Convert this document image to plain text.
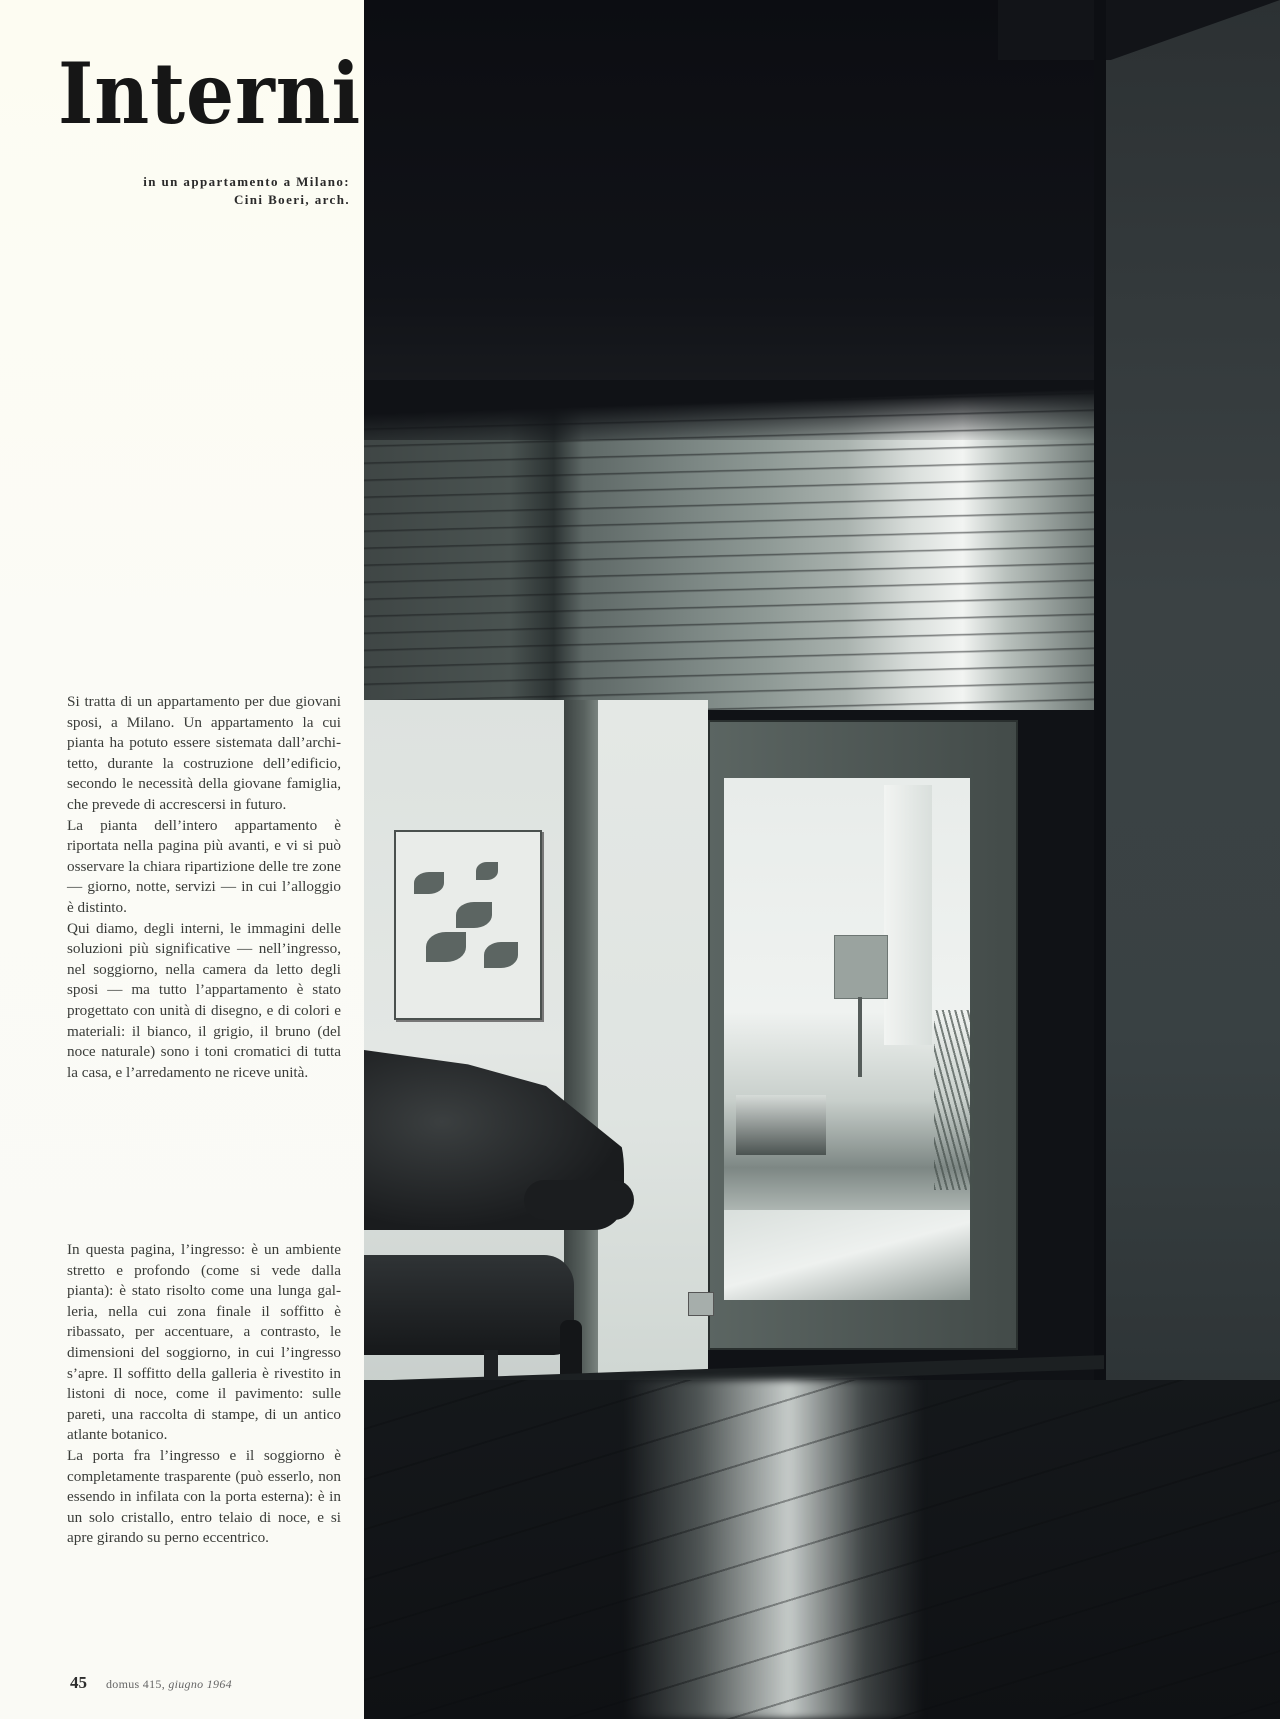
Interni
in un appartamento a Milano:
Cini Boeri, arch.

Si tratta di un appartamento per due giovani sposi, a Milano. Un appartamento la cui pianta ha potuto essere sistemata dall’architetto, durante la costruzione dell’edificio, secondo le necessità della giovane famiglia, che prevede di accrescersi in futuro.

La pianta dell’intero appartamento è riportata nella pagina più avanti, e vi si può osservare la chiara ripartizione delle tre zone — giorno, notte, servizi — in cui l’alloggio è distinto.

Qui diamo, degli interni, le immagini delle soluzioni più significative — nell’ingresso, nel soggiorno, nella camera da letto degli sposi — ma tutto l’appartamento è stato progettato con unità di disegno, e di colori e materiali: il bianco, il grigio, il bruno (del noce naturale) sono i toni cromatici di tutta la casa, e l’arredamento ne riceve unità.

In questa pagina, l’ingresso: è un ambiente stretto e profondo (come si vede dalla pianta): è stato risolto come una lunga galleria, nella cui zona finale il soffitto è ribassato, per accentuare, a contrasto, le dimensioni del soggiorno, in cui l’ingresso s’apre. Il soffitto della galleria è rivestito in listoni di noce, come il pavimento: sulle pareti, una raccolta di stampe, di un antico atlante botanico.

La porta fra l’ingresso e il soggiorno è completamente trasparente (può esserlo, non essendo in infilata con la porta esterna): è in un solo cristallo, entro telaio di noce, e si apre girando su perno eccentrico.

45 domus 415, giugno 1964
